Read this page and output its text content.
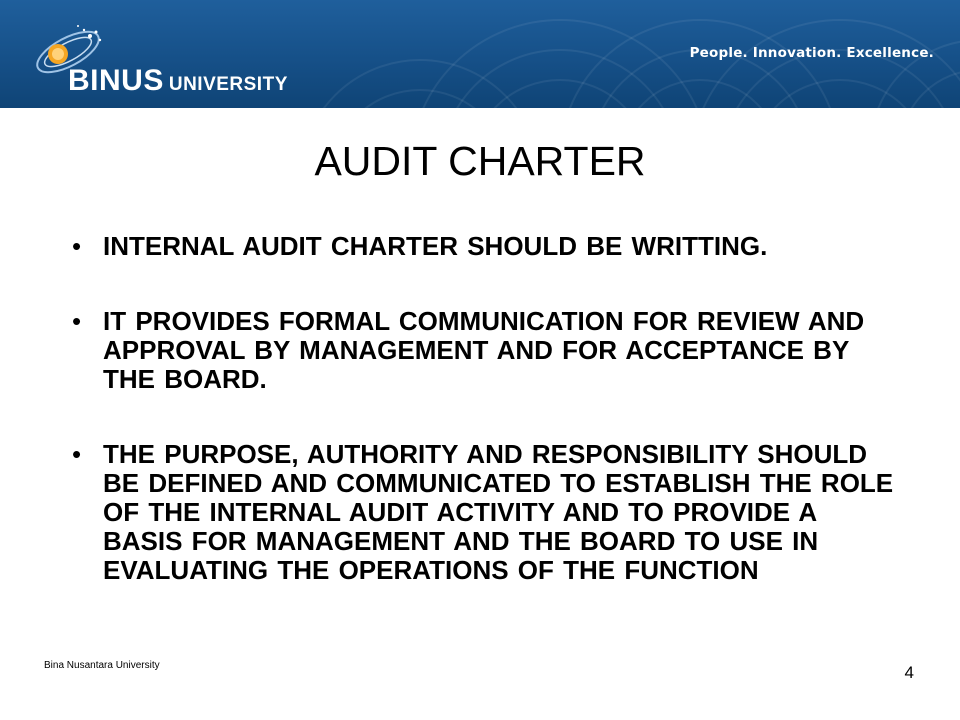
BINUS UNIVERSITY
People. Innovation. Excellence.
AUDIT CHARTER
• INTERNAL AUDIT CHARTER SHOULD BE WRITTING.
• IT PROVIDES FORMAL COMMUNICATION FOR REVIEW AND APPROVAL BY MANAGEMENT AND FOR ACCEPTANCE BY THE BOARD.
• THE PURPOSE, AUTHORITY AND RESPONSIBILITY SHOULD BE DEFINED AND COMMUNICATED TO ESTABLISH THE ROLE OF THE INTERNAL AUDIT ACTIVITY AND TO PROVIDE A BASIS FOR MANAGEMENT AND THE BOARD TO USE IN EVALUATING THE OPERATIONS OF THE FUNCTION
Bina Nusantara University	4
